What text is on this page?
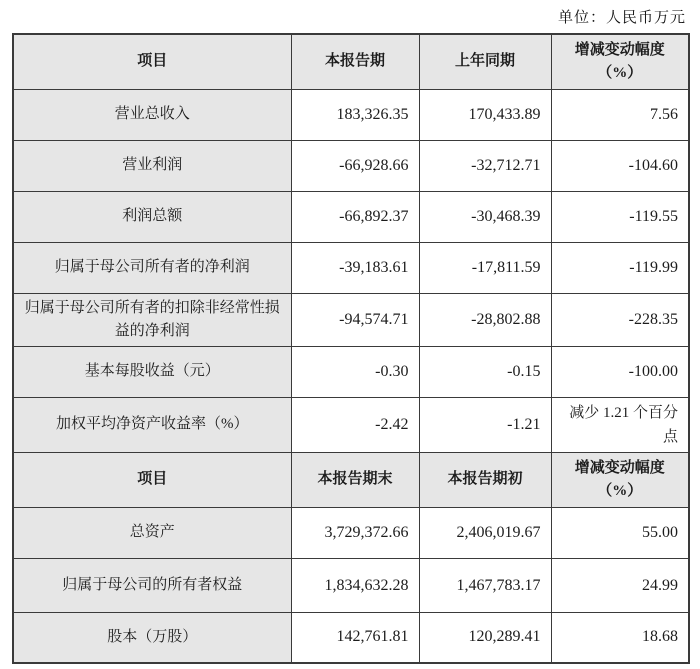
单位：人民币万元
项目	本报告期	上年同期	增减变动幅度（%）
营业总收入	183,326.35	170,433.89	7.56
营业利润	-66,928.66	-32,712.71	-104.60
利润总额	-66,892.37	-30,468.39	-119.55
归属于母公司所有者的净利润	-39,183.61	-17,811.59	-119.99
归属于母公司所有者的扣除非经常性损益的净利润	-94,574.71	-28,802.88	-228.35
基本每股收益（元）	-0.30	-0.15	-100.00
加权平均净资产收益率（%）	-2.42	-1.21	减少 1.21 个百分点
项目	本报告期末	本报告期初	增减变动幅度（%）
总资产	3,729,372.66	2,406,019.67	55.00
归属于母公司的所有者权益	1,834,632.28	1,467,783.17	24.99
股本（万股）	142,761.81	120,289.41	18.68
